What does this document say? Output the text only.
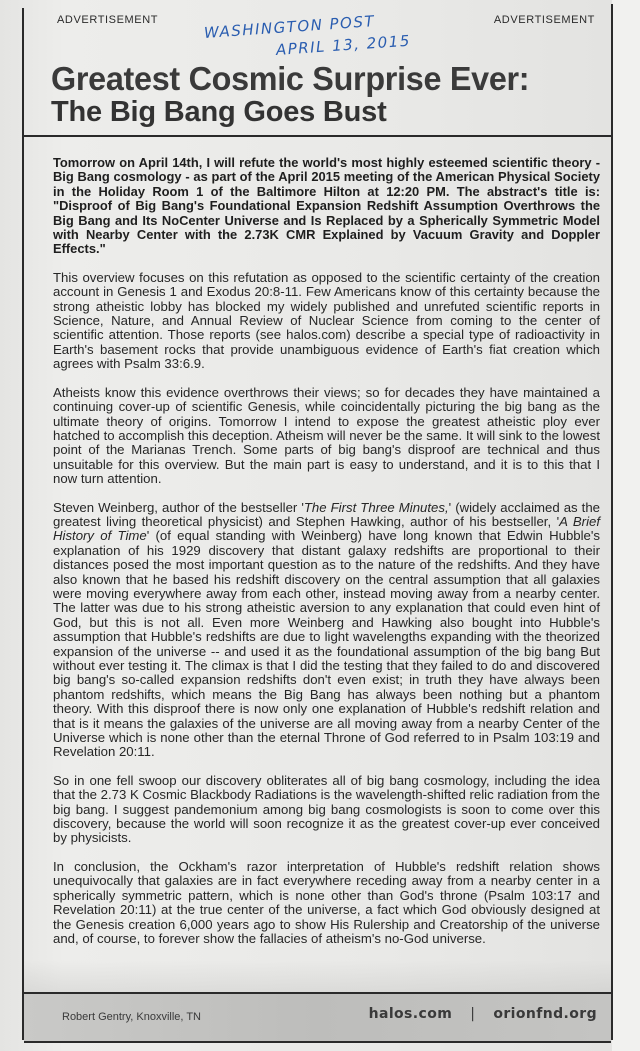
ADVERTISEMENT	ADVERTISEMENT
WASHINGTON POST
APRIL 13, 2015
Greatest Cosmic Surprise Ever:
The Big Bang Goes Bust

Tomorrow on April 14th, I will refute the world's most highly esteemed scientific theory - Big Bang cosmology - as part of the April 2015 meeting of the American Physical Society in the Holiday Room 1 of the Baltimore Hilton at 12:20 PM. The abstract's title is: "Disproof of Big Bang's Foundational Expansion Redshift Assumption Overthrows the Big Bang and Its NoCenter Universe and Is Replaced by a Spherically Symmetric Model with Nearby Center with the 2.73K CMR Explained by Vacuum Gravity and Doppler Effects."

This overview focuses on this refutation as opposed to the scientific certainty of the creation account in Genesis 1 and Exodus 20:8-11. Few Americans know of this certainty because the strong atheistic lobby has blocked my widely published and unrefuted scientific reports in Science, Nature, and Annual Review of Nuclear Science from coming to the center of scientific attention. Those reports (see halos.com) describe a special type of radioactivity in Earth's basement rocks that provide unambiguous evidence of Earth's fiat creation which agrees with Psalm 33:6.9.

Atheists know this evidence overthrows their views; so for decades they have maintained a continuing cover-up of scientific Genesis, while coincidentally picturing the big bang as the ultimate theory of origins. Tomorrow I intend to expose the greatest atheistic ploy ever hatched to accomplish this deception. Atheism will never be the same. It will sink to the lowest point of the Marianas Trench. Some parts of big bang's disproof are technical and thus unsuitable for this overview. But the main part is easy to understand, and it is to this that I now turn attention.

Steven Weinberg, author of the bestseller 'The First Three Minutes,' (widely acclaimed as the greatest living theoretical physicist) and Stephen Hawking, author of his bestseller, 'A Brief History of Time' (of equal standing with Weinberg) have long known that Edwin Hubble's explanation of his 1929 discovery that distant galaxy redshifts are proportional to their distances posed the most important question as to the nature of the redshifts. And they have also known that he based his redshift discovery on the central assumption that all galaxies were moving everywhere away from each other, instead moving away from a nearby center. The latter was due to his strong atheistic aversion to any explanation that could even hint of God, but this is not all. Even more Weinberg and Hawking also bought into Hubble's assumption that Hubble's redshifts are due to light wavelengths expanding with the theorized expansion of the universe -- and used it as the foundational assumption of the big bang But without ever testing it. The climax is that I did the testing that they failed to do and discovered big bang's so-called expansion redshifts don't even exist; in truth they have always been phantom redshifts, which means the Big Bang has always been nothing but a phantom theory. With this disproof there is now only one explanation of Hubble's redshift relation and that is it means the galaxies of the universe are all moving away from a nearby Center of the Universe which is none other than the eternal Throne of God referred to in Psalm 103:19 and Revelation 20:11.

So in one fell swoop our discovery obliterates all of big bang cosmology, including the idea that the 2.73 K Cosmic Blackbody Radiations is the wavelength-shifted relic radiation from the big bang. I suggest pandemonium among big bang cosmologists is soon to come over this discovery, because the world will soon recognize it as the greatest cover-up ever conceived by physicists.

In conclusion, the Ockham's razor interpretation of Hubble's redshift relation shows unequivocally that galaxies are in fact everywhere receding away from a nearby center in a spherically symmetric pattern, which is none other than God's throne (Psalm 103:17 and Revelation 20:11) at the true center of the universe, a fact which God obviously designed at the Genesis creation 6,000 years ago to show His Rulership and Creatorship of the universe and, of course, to forever show the fallacies of atheism's no-God universe.

Robert Gentry, Knoxville, TN	halos.com | orionfnd.org
